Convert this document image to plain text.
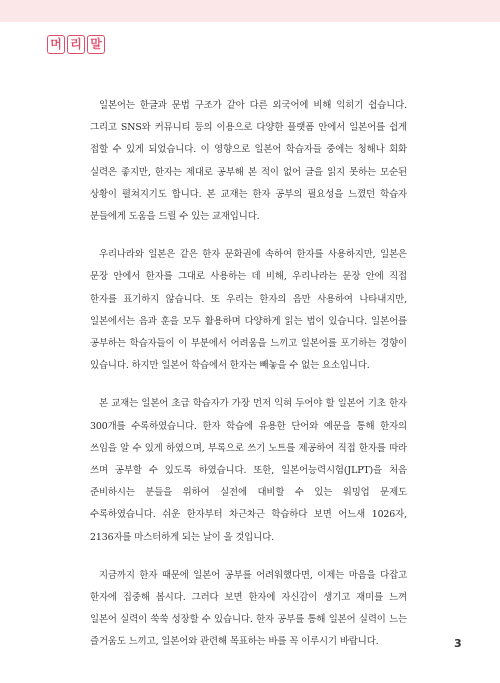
머 리 말

일본어는 한글과 문법 구조가 같아 다른 외국어에 비해 익히기 쉽습니다. 그리고 SNS와 커뮤니티 등의 이용으로 다양한 플랫폼 안에서 일본어를 쉽게 접할 수 있게 되었습니다. 이 영향으로 일본어 학습자들 중에는 청해나 회화 실력은 좋지만, 한자는 제대로 공부해 본 적이 없어 글을 읽지 못하는 모순된 상황이 펼쳐지기도 합니다. 본 교재는 한자 공부의 필요성을 느꼈던 학습자 분들에게 도움을 드릴 수 있는 교재입니다.

우리나라와 일본은 같은 한자 문화권에 속하여 한자를 사용하지만, 일본은 문장 안에서 한자를 그대로 사용하는 데 비해, 우리나라는 문장 안에 직접 한자를 표기하지 않습니다. 또 우리는 한자의 음만 사용하여 나타내지만, 일본에서는 음과 훈을 모두 활용하며 다양하게 읽는 법이 있습니다. 일본어를 공부하는 학습자들이 이 부분에서 어려움을 느끼고 일본어를 포기하는 경향이 있습니다. 하지만 일본어 학습에서 한자는 빼놓을 수 없는 요소입니다.

본 교재는 일본어 초급 학습자가 가장 먼저 익혀 두어야 할 일본어 기초 한자 300개를 수록하였습니다. 한자 학습에 유용한 단어와 예문을 통해 한자의 쓰임을 알 수 있게 하였으며, 부록으로 쓰기 노트를 제공하여 직접 한자를 따라 쓰며 공부할 수 있도록 하였습니다. 또한, 일본어능력시험(JLPT)을 처음 준비하시는 분들을 위하여 실전에 대비할 수 있는 워밍업 문제도 수록하였습니다. 쉬운 한자부터 차근차근 학습하다 보면 어느새 1026자, 2136자를 마스터하게 되는 날이 올 것입니다.

지금까지 한자 때문에 일본어 공부를 어려워했다면, 이제는 마음을 다잡고 한자에 집중해 봅시다. 그러다 보면 한자에 자신감이 생기고 재미를 느껴 일본어 실력이 쑥쑥 성장할 수 있습니다. 한자 공부를 통해 일본어 실력이 느는 즐거움도 느끼고, 일본어와 관련해 목표하는 바를 꼭 이루시기 바랍니다.	3
